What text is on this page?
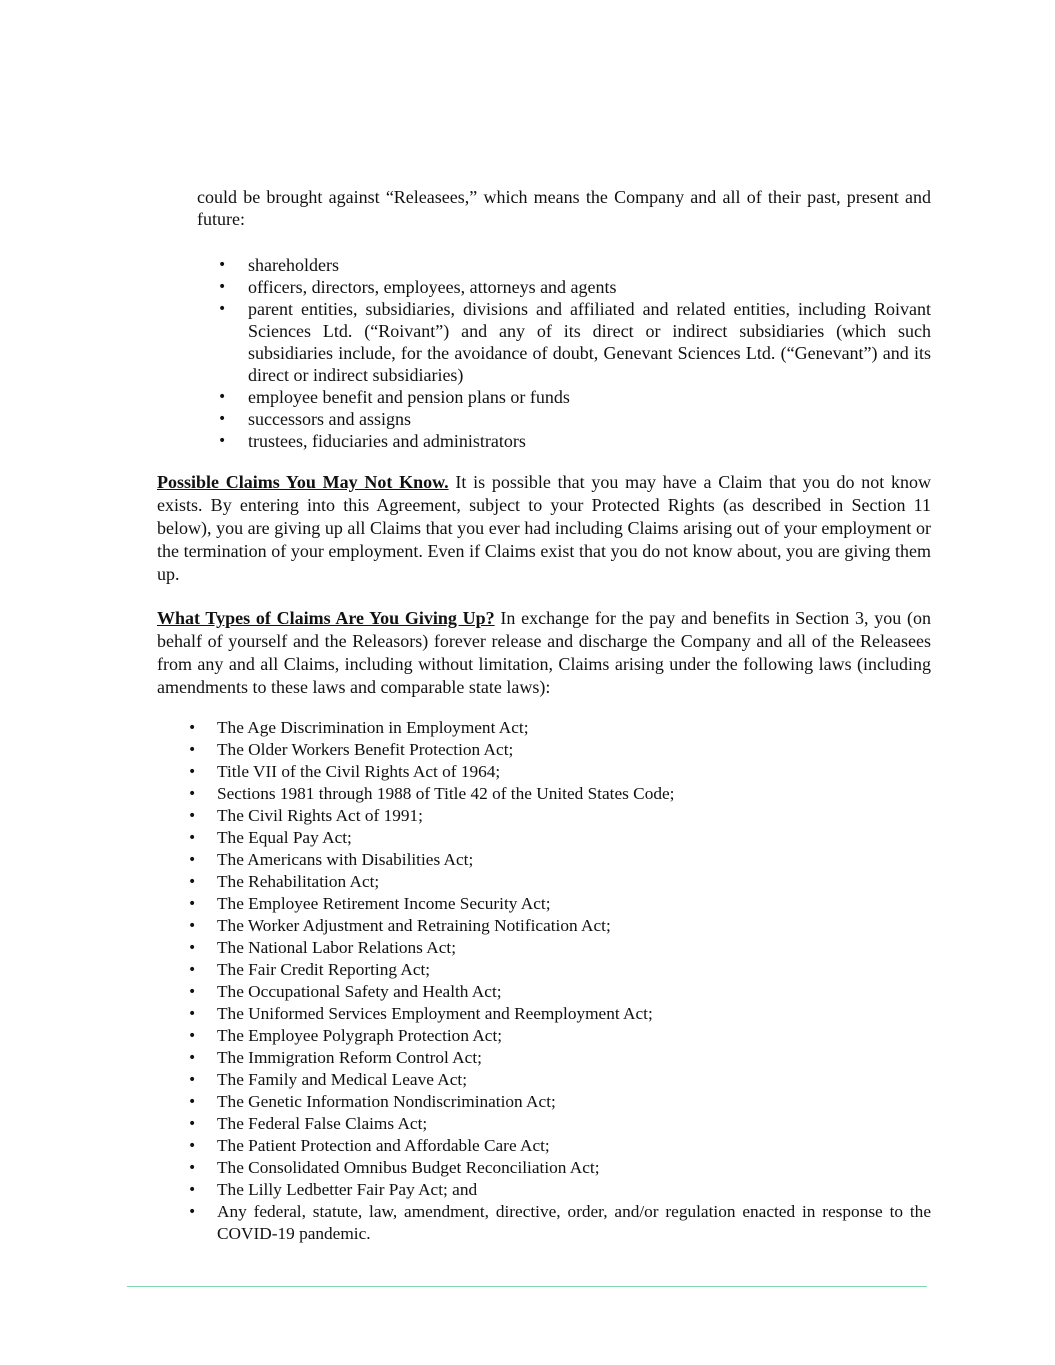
could be brought against “Releasees,” which means the Company and all of their past, present and future:

• shareholders
• officers, directors, employees, attorneys and agents
• parent entities, subsidiaries, divisions and affiliated and related entities, including Roivant Sciences Ltd. (“Roivant”) and any of its direct or indirect subsidiaries (which such subsidiaries include, for the avoidance of doubt, Genevant Sciences Ltd. (“Genevant”) and its direct or indirect subsidiaries)
• employee benefit and pension plans or funds
• successors and assigns
• trustees, fiduciaries and administrators

Possible Claims You May Not Know. It is possible that you may have a Claim that you do not know exists. By entering into this Agreement, subject to your Protected Rights (as described in Section 11 below), you are giving up all Claims that you ever had including Claims arising out of your employment or the termination of your employment. Even if Claims exist that you do not know about, you are giving them up.

What Types of Claims Are You Giving Up? In exchange for the pay and benefits in Section 3, you (on behalf of yourself and the Releasors) forever release and discharge the Company and all of the Releasees from any and all Claims, including without limitation, Claims arising under the following laws (including amendments to these laws and comparable state laws):

• The Age Discrimination in Employment Act;
• The Older Workers Benefit Protection Act;
• Title VII of the Civil Rights Act of 1964;
• Sections 1981 through 1988 of Title 42 of the United States Code;
• The Civil Rights Act of 1991;
• The Equal Pay Act;
• The Americans with Disabilities Act;
• The Rehabilitation Act;
• The Employee Retirement Income Security Act;
• The Worker Adjustment and Retraining Notification Act;
• The National Labor Relations Act;
• The Fair Credit Reporting Act;
• The Occupational Safety and Health Act;
• The Uniformed Services Employment and Reemployment Act;
• The Employee Polygraph Protection Act;
• The Immigration Reform Control Act;
• The Family and Medical Leave Act;
• The Genetic Information Nondiscrimination Act;
• The Federal False Claims Act;
• The Patient Protection and Affordable Care Act;
• The Consolidated Omnibus Budget Reconciliation Act;
• The Lilly Ledbetter Fair Pay Act; and
• Any federal, statute, law, amendment, directive, order, and/or regulation enacted in response to the COVID-19 pandemic.
